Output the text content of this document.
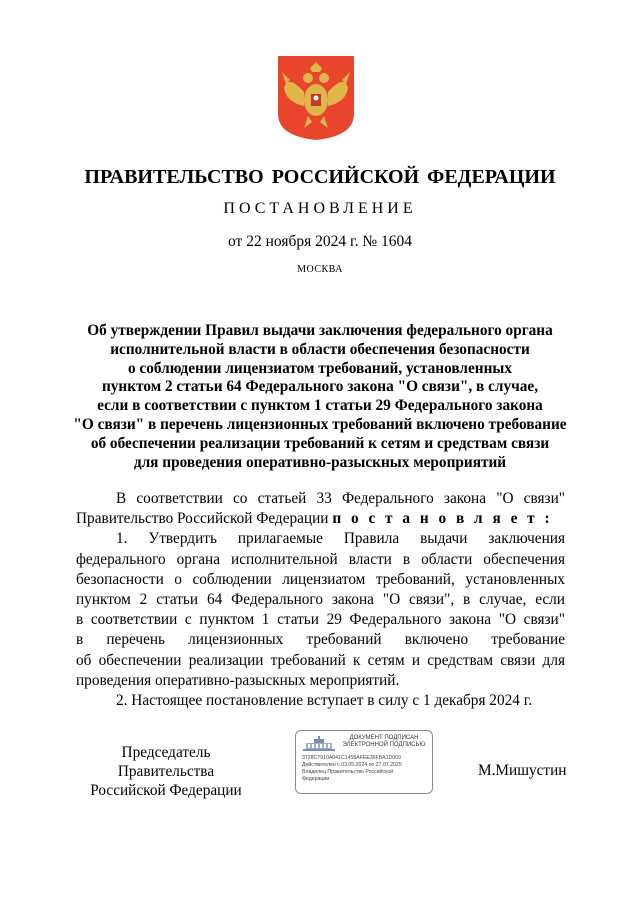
ПРАВИТЕЛЬСТВО РОССИЙСКОЙ ФЕДЕРАЦИИ
ПОСТАНОВЛЕНИЕ
от 22 ноября 2024 г. № 1604
МОСКВА
Об утверждении Правил выдачи заключения федерального органа
исполнительной власти в области обеспечения безопасности
о соблюдении лицензиатом требований, установленных
пунктом 2 статьи 64 Федерального закона "О связи", в случае,
если в соответствии с пунктом 1 статьи 29 Федерального закона
"О связи" в перечень лицензионных требований включено требование
об обеспечении реализации требований к сетям и средствам связи
для проведения оперативно-разыскных мероприятий
В соответствии со статьей 33 Федерального закона "О связи"
Правительство Российской Федерации п о с т а н о в л я е т :
1. Утвердить прилагаемые Правила выдачи заключения
федерального органа исполнительной власти в области обеспечения
безопасности о соблюдении лицензиатом требований, установленных
пунктом 2 статьи 64 Федерального закона "О связи", в случае, если
в соответствии с пунктом 1 статьи 29 Федерального закона "О связи"
в перечень лицензионных требований включено требование
об обеспечении реализации требований к сетям и средствам связи для
проведения оперативно-разыскных мероприятий.
2. Настоящее постановление вступает в силу с 1 декабря 2024 г.
Председатель Правительства
Российской Федерации
ДОКУМЕНТ ПОДПИСАН
ЭЛЕКТРОННОЙ ПОДПИСЬЮ
3728C7910A041C1458AFEE36FBA1D009
Действителен с 03.05.2024 по 27.07.2025
Владелец Правительство Российской
Федерации	М.Мишустин
